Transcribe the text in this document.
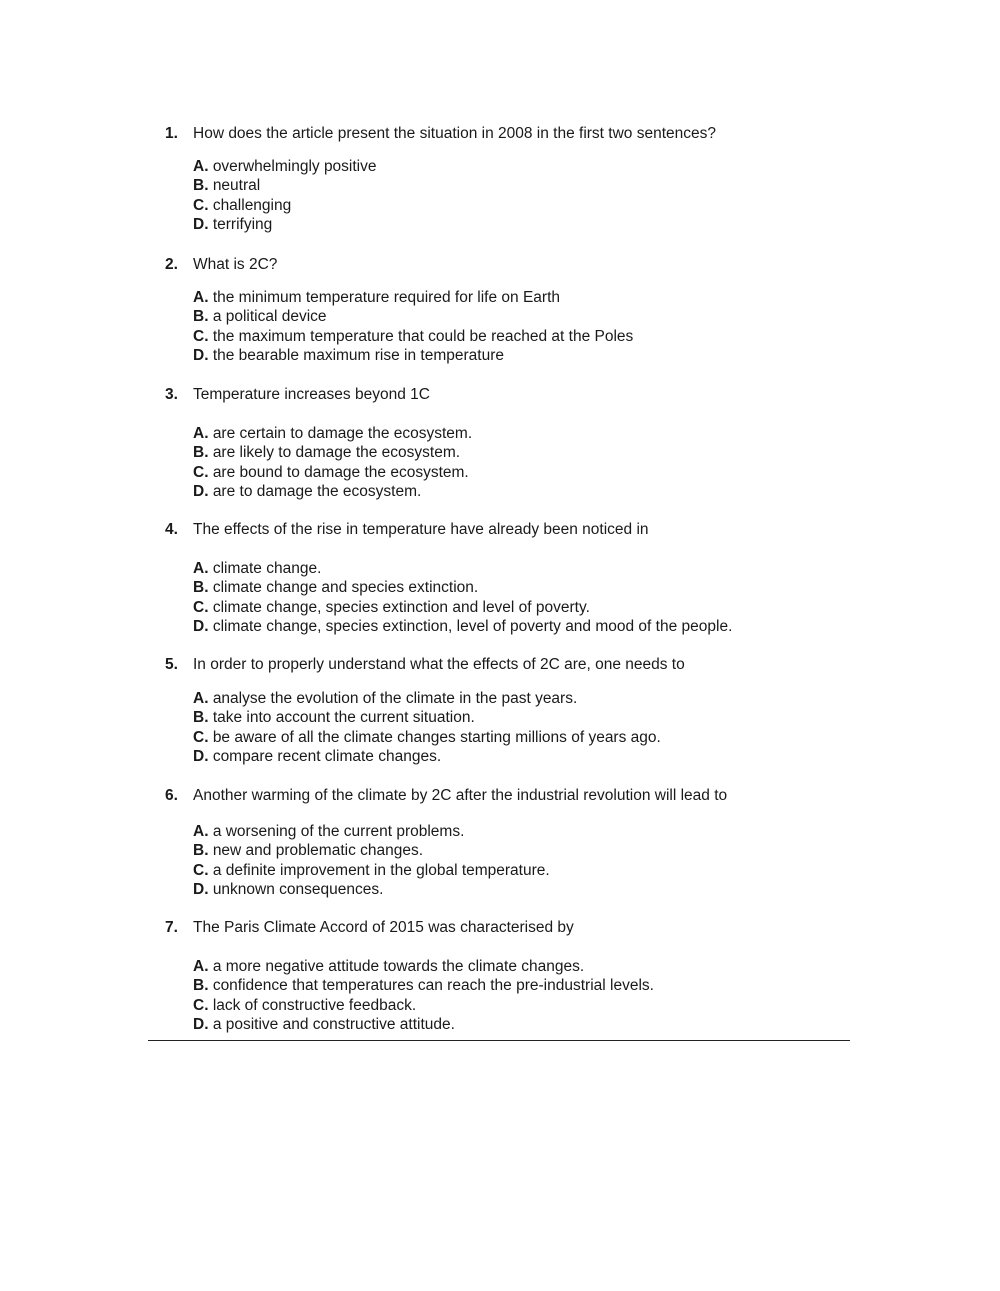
1. How does the article present the situation in 2008 in the first two sentences?
A. overwhelmingly positive
B. neutral
C. challenging
D. terrifying
2. What is 2C?
A. the minimum temperature required for life on Earth
B. a political device
C. the maximum temperature that could be reached at the Poles
D. the bearable maximum rise in temperature
3. Temperature increases beyond 1C
A. are certain to damage the ecosystem.
B. are likely to damage the ecosystem.
C. are bound to damage the ecosystem.
D. are to damage the ecosystem.
4. The effects of the rise in temperature have already been noticed in
A. climate change.
B. climate change and species extinction.
C. climate change, species extinction and level of poverty.
D. climate change, species extinction, level of poverty and mood of the people.
5. In order to properly understand what the effects of 2C are, one needs to
A. analyse the evolution of the climate in the past years.
B. take into account the current situation.
C. be aware of all the climate changes starting millions of years ago.
D. compare recent climate changes.
6. Another warming of the climate by 2C after the industrial revolution will lead to
A. a worsening of the current problems.
B. new and problematic changes.
C. a definite improvement in the global temperature.
D. unknown consequences.
7. The Paris Climate Accord of 2015 was characterised by
A. a more negative attitude towards the climate changes.
B. confidence that temperatures can reach the pre-industrial levels.
C. lack of constructive feedback.
D. a positive and constructive attitude.
